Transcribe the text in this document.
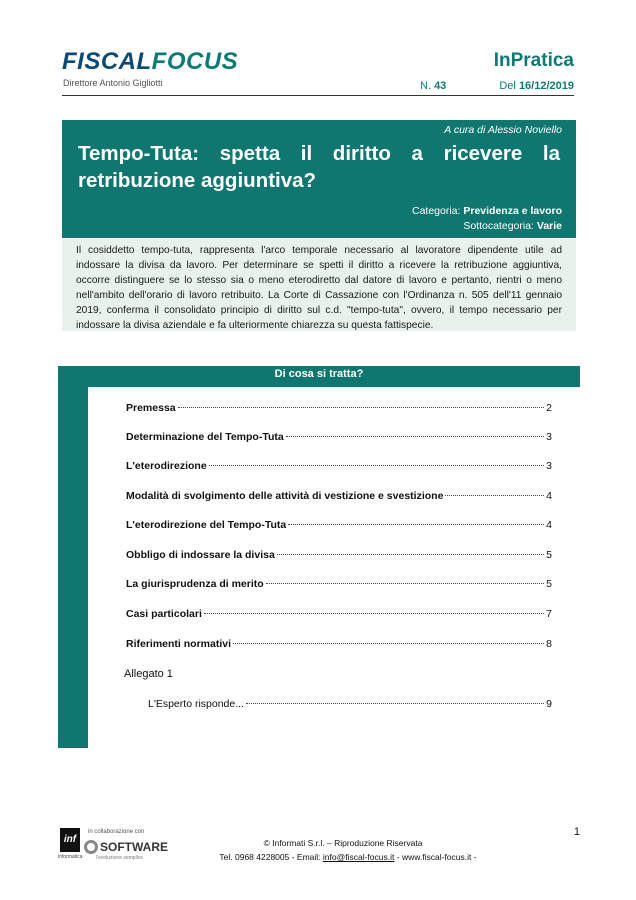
FISCALFOCUS
Direttore Antonio Gigliotti
InPratica
N. 43	Del 16/12/2019
A cura di Alessio Noviello
Tempo-Tuta: spetta il diritto a ricevere la retribuzione aggiuntiva?
Categoria: Previdenza e lavoro
Sottocategoria: Varie

Il cosiddetto tempo-tuta, rappresenta l'arco temporale necessario al lavoratore dipendente utile ad indossare la divisa da lavoro. Per determinare se spetti il diritto a ricevere la retribuzione aggiuntiva, occorre distinguere se lo stesso sia o meno eterodiretto dal datore di lavoro e pertanto, rientri o meno nell'ambito dell'orario di lavoro retribuito. La Corte di Cassazione con l'Ordinanza n. 505 dell'11 gennaio 2019, conferma il consolidato principio di diritto sul c.d. "tempo-tuta", ovvero, il tempo necessario per indossare la divisa aziendale e fa ulteriormente chiarezza su questa fattispecie.

Di cosa si tratta?
Premessa	2
Determinazione del Tempo-Tuta	3
L'eterodirezione	3
Modalità di svolgimento delle attività di vestizione e svestizione	4
L'eterodirezione del Tempo-Tuta	4
Obbligo di indossare la divisa	5
La giurisprudenza di merito	5
Casi particolari	7
Riferimenti normativi	8
Allegato 1
L'Esperto risponde...	9
1
inf
informatica
in collaborazione con
SOFTWARE
l'evoluzione semplice
© Informati S.r.l. – Riproduzione Riservata
Tel. 0968 4228005 - Email: info@fiscal-focus.it - www.fiscal-focus.it -
